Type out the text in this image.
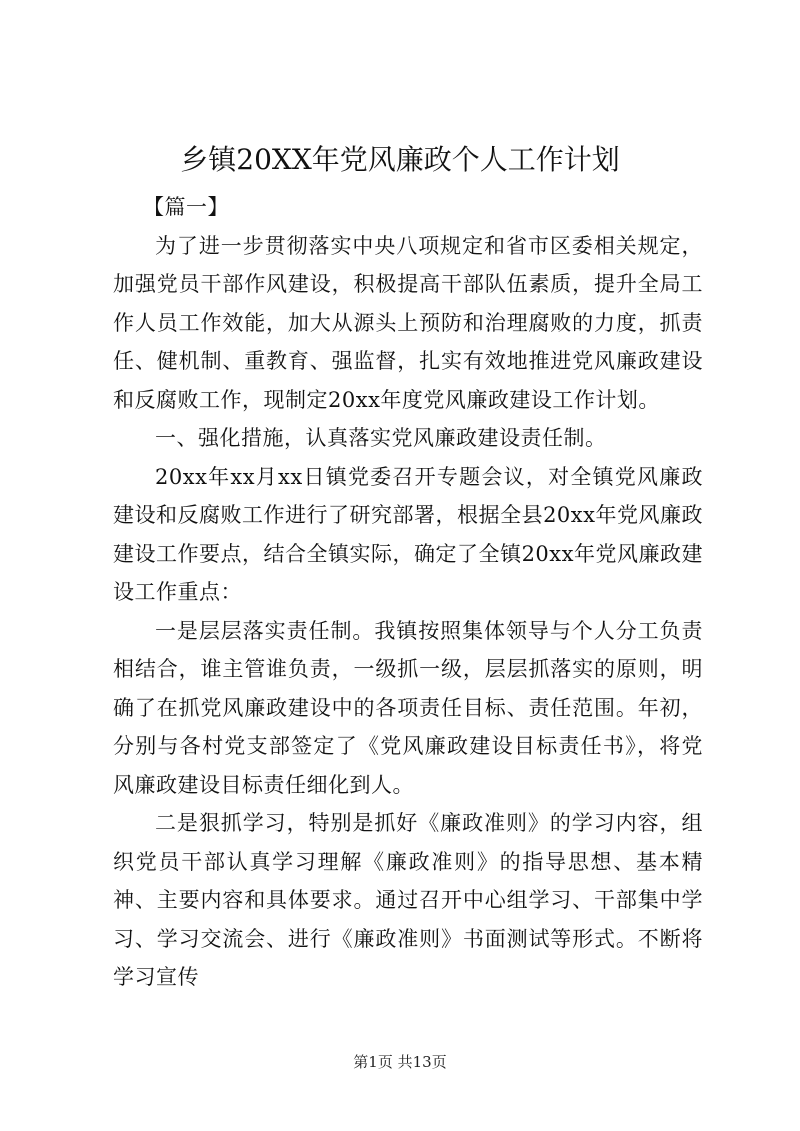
乡镇20XX年党风廉政个人工作计划

【篇一】

为了进一步贯彻落实中央八项规定和省市区委相关规定，加强党员干部作风建设，积极提高干部队伍素质，提升全局工作人员工作效能，加大从源头上预防和治理腐败的力度，抓责任、健机制、重教育、强监督，扎实有效地推进党风廉政建设和反腐败工作，现制定20xx年度党风廉政建设工作计划。

一、强化措施，认真落实党风廉政建设责任制。

20xx年xx月xx日镇党委召开专题会议，对全镇党风廉政建设和反腐败工作进行了研究部署，根据全县20xx年党风廉政建设工作要点，结合全镇实际，确定了全镇20xx年党风廉政建设工作重点：

一是层层落实责任制。我镇按照集体领导与个人分工负责相结合，谁主管谁负责，一级抓一级，层层抓落实的原则，明确了在抓党风廉政建设中的各项责任目标、责任范围。年初，分别与各村党支部签定了《党风廉政建设目标责任书》，将党风廉政建设目标责任细化到人。

二是狠抓学习，特别是抓好《廉政准则》的学习内容，组织党员干部认真学习理解《廉政准则》的指导思想、基本精神、主要内容和具体要求。通过召开中心组学习、干部集中学习、学习交流会、进行《廉政准则》书面测试等形式。不断将学习宣传

第1页 共13页
